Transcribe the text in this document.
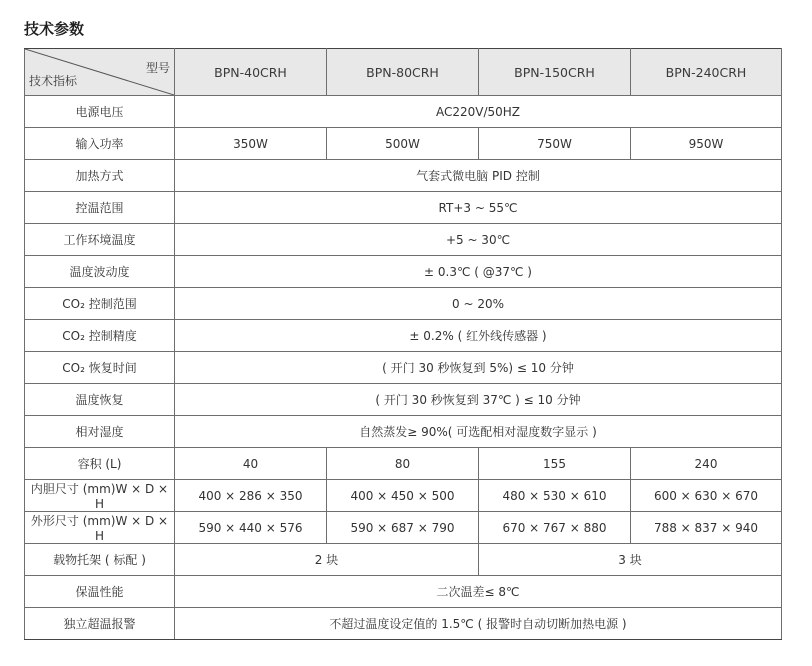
技术参数
型号
技术指标	BPN-40CRH	BPN-80CRH	BPN-150CRH	BPN-240CRH
电源电压	AC220V/50HZ			
输入功率	350W	500W	750W	950W
加热方式	气套式微电脑 PID 控制			
控温范围	RT+3 ~ 55℃			
工作环境温度	+5 ~ 30℃			
温度波动度	± 0.3℃ ( @37℃ )			
CO₂ 控制范围	0 ~ 20%			
CO₂ 控制精度	± 0.2% ( 红外线传感器 )			
CO₂ 恢复时间	( 开门 30 秒恢复到 5%) ≤ 10 分钟			
温度恢复	( 开门 30 秒恢复到 37℃ ) ≤ 10 分钟			
相对湿度	自然蒸发≥ 90%( 可选配相对湿度数字显示 )			
容积 (L)	40	80	155	240
内胆尺寸 (mm)W × D × H	400 × 286 × 350	400 × 450 × 500	480 × 530 × 610	600 × 630 × 670
外形尺寸 (mm)W × D × H	590 × 440 × 576	590 × 687 × 790	670 × 767 × 880	788 × 837 × 940
载物托架 ( 标配 )	2 块		3 块	
保温性能	二次温差≤ 8℃			
独立超温报警	不超过温度设定值的 1.5℃ ( 报警时自动切断加热电源 )			
